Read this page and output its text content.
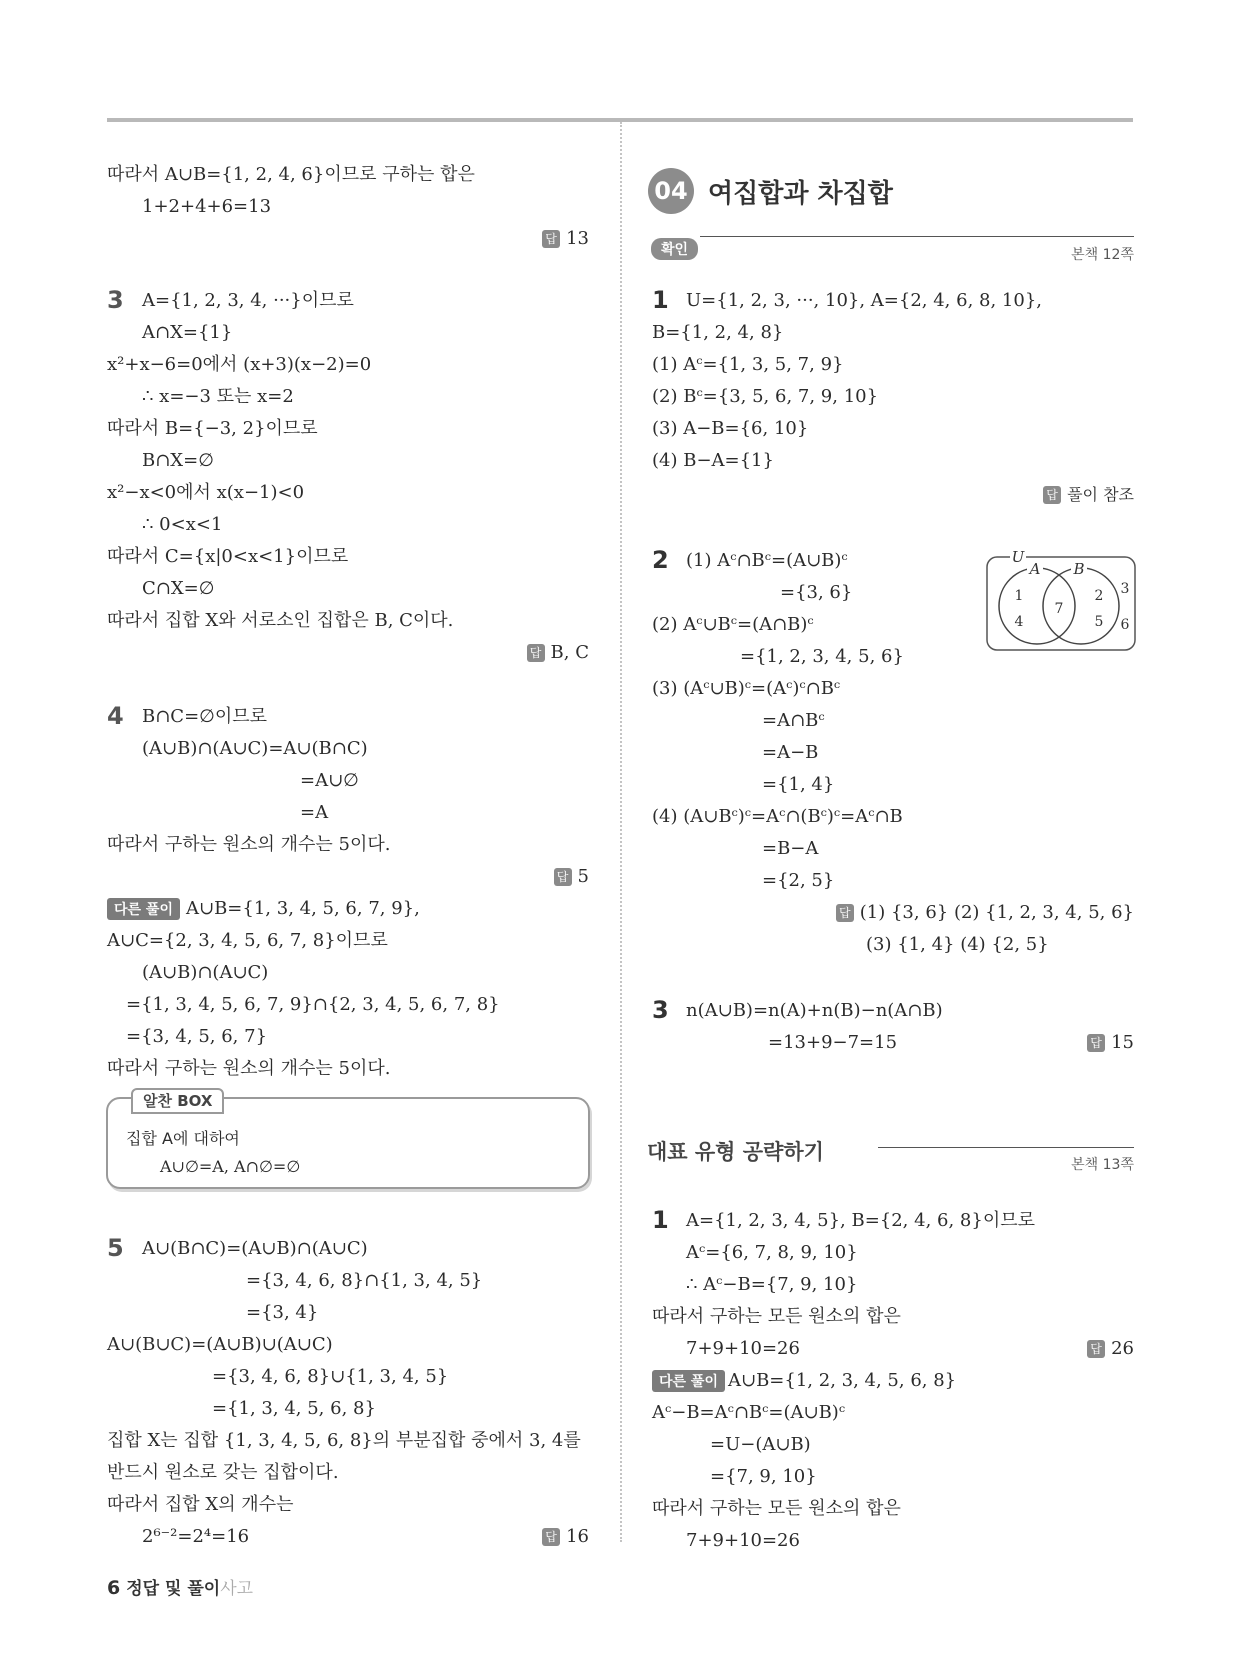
따라서 A∪B={1, 2, 4, 6}이므로 구하는 합은
1+2+4+6=13
답 13
3 A={1, 2, 3, 4, ···}이므로
A∩X={1}
x²+x−6=0에서 (x+3)(x−2)=0
∴ x=−3 또는 x=2
따라서 B={−3, 2}이므로
B∩X=∅
x²−x<0에서 x(x−1)<0
∴ 0<x<1
따라서 C={x|0<x<1}이므로
C∩X=∅
따라서 집합 X와 서로소인 집합은 B, C이다.
답 B, C
4 B∩C=∅이므로
(A∪B)∩(A∪C)=A∪(B∩C)
=A∪∅
=A
따라서 구하는 원소의 개수는 5이다.
답 5
다른 풀이 A∪B={1, 3, 4, 5, 6, 7, 9},
A∪C={2, 3, 4, 5, 6, 7, 8}이므로
(A∪B)∩(A∪C)
={1, 3, 4, 5, 6, 7, 9}∩{2, 3, 4, 5, 6, 7, 8}
={3, 4, 5, 6, 7}
따라서 구하는 원소의 개수는 5이다.
알찬 BOX
집합 A에 대하여
A∪∅=A, A∩∅=∅
5 A∪(B∩C)=(A∪B)∩(A∪C)
={3, 4, 6, 8}∩{1, 3, 4, 5}
={3, 4}
A∪(B∪C)=(A∪B)∪(A∪C)
={3, 4, 6, 8}∪{1, 3, 4, 5}
={1, 3, 4, 5, 6, 8}
집합 X는 집합 {1, 3, 4, 5, 6, 8}의 부분집합 중에서 3, 4를
반드시 원소로 갖는 집합이다.
따라서 집합 X의 개수는
2⁶⁻²=2⁴=16	답 16
04 여집합과 차집합
확인	본책 12쪽
1 U={1, 2, 3, ···, 10}, A={2, 4, 6, 8, 10},
B={1, 2, 4, 8}
(1) Aᶜ={1, 3, 5, 7, 9}
(2) Bᶜ={3, 5, 6, 7, 9, 10}
(3) A−B={6, 10}
(4) B−A={1}
답 풀이 참조
2 (1) Aᶜ∩Bᶜ=(A∪B)ᶜ
={3, 6}
(2) Aᶜ∪Bᶜ=(A∩B)ᶜ
={1, 2, 3, 4, 5, 6}
(3) (Aᶜ∪B)ᶜ=(Aᶜ)ᶜ∩Bᶜ
=A∩Bᶜ
=A−B
={1, 4}
(4) (A∪Bᶜ)ᶜ=Aᶜ∩(Bᶜ)ᶜ=Aᶜ∩B
=B−A
={2, 5}
답 (1) {3, 6} (2) {1, 2, 3, 4, 5, 6}
(3) {1, 4} (4) {2, 5}
U
A B
1
4
7
2
5
3
6
3 n(A∪B)=n(A)+n(B)−n(A∩B)
=13+9−7=15	답 15
대표 유형 공략하기
본책 13쪽
1 A={1, 2, 3, 4, 5}, B={2, 4, 6, 8}이므로
Aᶜ={6, 7, 8, 9, 10}
∴ Aᶜ−B={7, 9, 10}
따라서 구하는 모든 원소의 합은
7+9+10=26	답 26
다른 풀이 A∪B={1, 2, 3, 4, 5, 6, 8}
Aᶜ−B=Aᶜ∩Bᶜ=(A∪B)ᶜ
=U−(A∪B)
={7, 9, 10}
따라서 구하는 모든 원소의 합은
7+9+10=26
6 정답 및 풀이사고
